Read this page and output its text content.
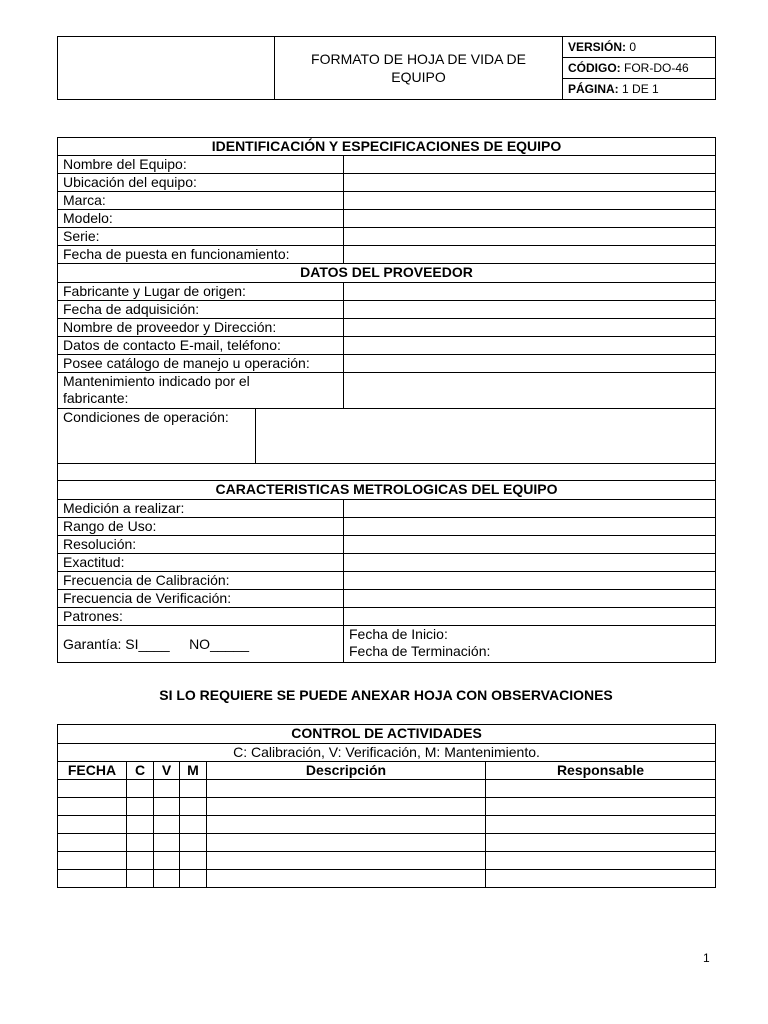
	FORMATO DE HOJA DE VIDA DE
EQUIPO	VERSIÓN: 0
CÓDIGO: FOR-DO-46
PÁGINA: 1 DE 1
IDENTIFICACIÓN Y ESPECIFICACIONES DE EQUIPO		
Nombre del Equipo:		
Ubicación del equipo:		
Marca:		
Modelo:		
Serie:		
Fecha de puesta en funcionamiento:		
DATOS DEL PROVEEDOR		
Fabricante y Lugar de origen:		
Fecha de adquisición:		
Nombre de proveedor y Dirección:		
Datos de contacto E-mail, teléfono:		
Posee catálogo de manejo u operación:		
Mantenimiento indicado por el
fabricante:		
Condiciones de operación:		

CARACTERISTICAS METROLOGICAS DEL EQUIPO		
Medición a realizar:		
Rango de Uso:		
Resolución:		
Exactitud:		
Frecuencia de Calibración:		
Frecuencia de Verificación:		
Patrones:		
Garantía: SI____     NO_____		Fecha de Inicio:
Fecha de Terminación:
SI LO REQUIERE SE PUEDE ANEXAR HOJA CON OBSERVACIONES
CONTROL DE ACTIVIDADES					
C: Calibración, V: Verificación, M: Mantenimiento.					
FECHA	C	V	M	Descripción	Responsable

1
